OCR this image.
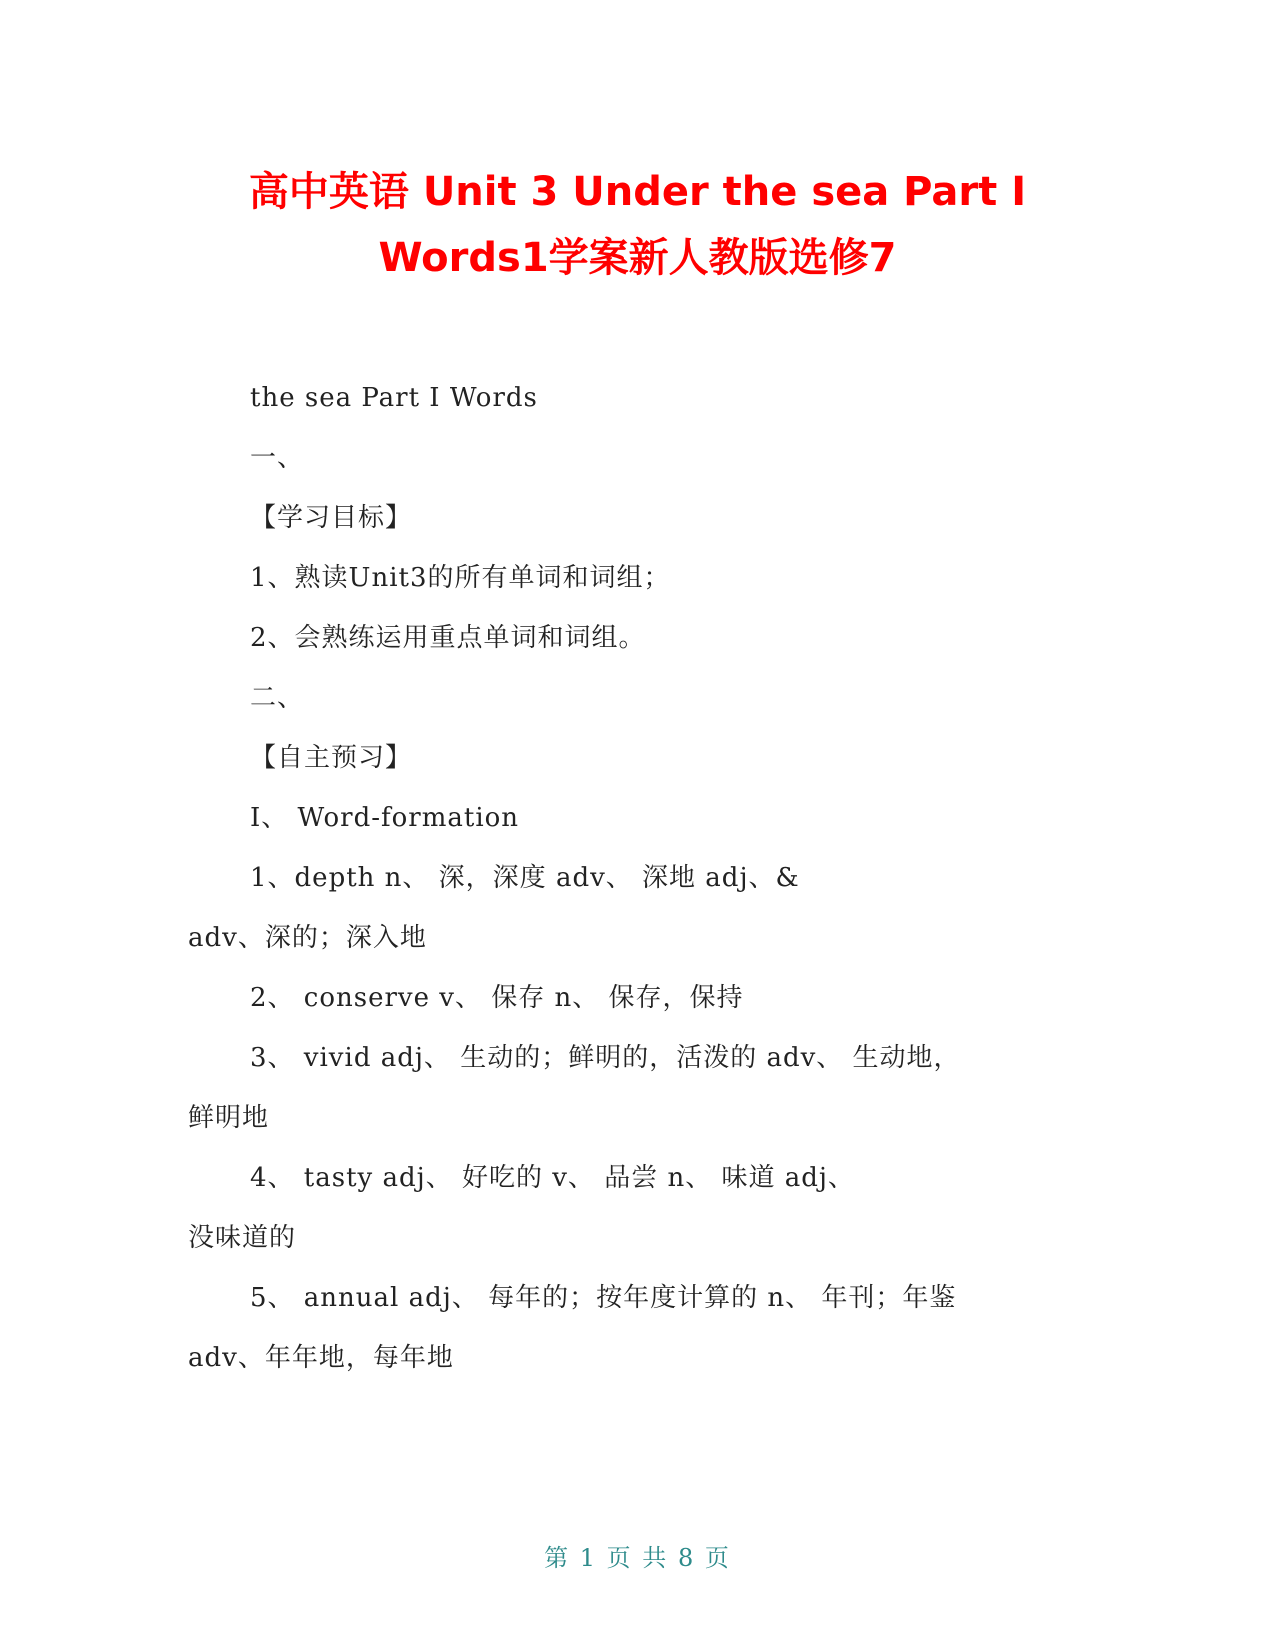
高中英语 Unit 3 Under the sea Part I
Words1学案新人教版选修7
the sea Part I Words
一、
【学习目标】
1、熟读Unit3的所有单词和词组；
2、会熟练运用重点单词和词组。
二、
【自主预习】
I、 Word-formation
1、depth n、 深，深度 adv、 深地 adj、&
adv、深的；深入地
2、 conserve v、 保存 n、 保存，保持
3、 vivid adj、 生动的；鲜明的，活泼的 adv、 生动地，
鲜明地
4、 tasty adj、 好吃的 v、 品尝 n、 味道 adj、
没味道的
5、 annual adj、 每年的；按年度计算的 n、 年刊；年鉴
adv、年年地，每年地
第 1 页 共 8 页
